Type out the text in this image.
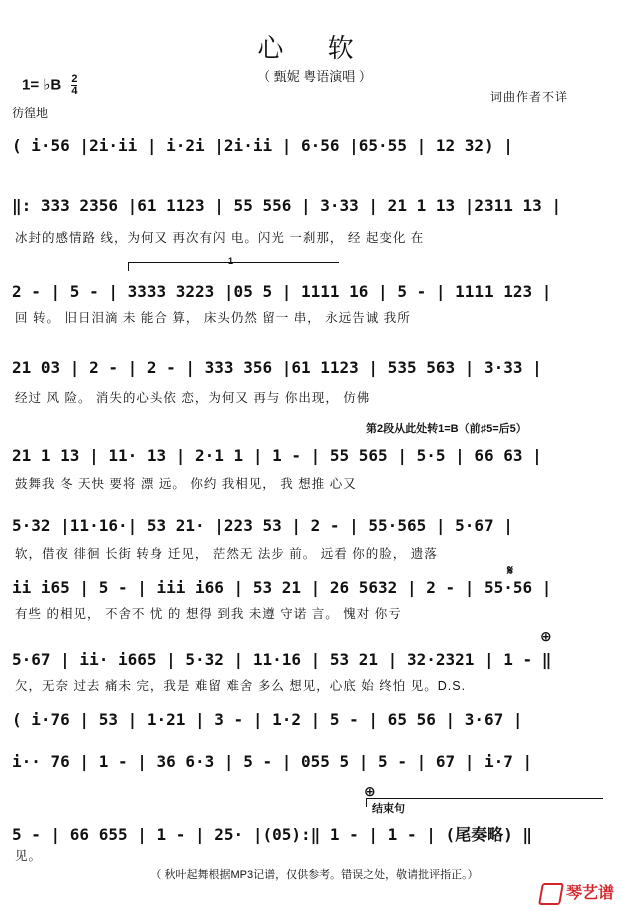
心 软
（ 甄妮 粤语演唱 ）
1= ♭B $\frac{2}{4}$
彷徨地
词曲作者不详
( i·56 |2i·ii | i·2i |2i·ii | 6·56 |65·55 | 12 32) |
‖: 333 2356 |61 1123 | 55 556 | 3·33 | 21 1 13 |2311 13 |
冰封的感情路 线，为何又 再次有闪 电。闪光 一刹那， 经 起变化 在
1
2 - | 5 - | 3333 3223 |05 5 | 1111 16 | 5 - | 1111 123 |
回 转。 旧日泪滴 未 能合 算， 床头仍然 留一 串， 永远告诚 我所
21 03 | 2 - | 2 - | 333 356 |61 1123 | 535 563 | 3·33 |
经过 风 险。 消失的心头依 恋，为何又 再与 你出现， 仿佛
第2段从此处转1=B（前♯5=后5）
21 1 13 | 11· 13 | 2·1 1 | 1 - | 55 565 | 5·5 | 66 63 |
鼓舞我 冬 天快 要将 漂 远。 你约 我相见， 我 想推 心又
5·32 |11·16·| 53 21· |223 53 | 2 - | 55·565 | 5·67 |
软，借夜 徘徊 长街 转身 迁见， 茫然无 法步 前。 远看 你的脸， 遗落
𝄋
ii i65 | 5 - | iii i66 | 53 21 | 26 5632 | 2 - | 55·56 |
有些 的相见， 不舍不 忧 的 想得 到我 未遵 守诺 言。 愧对 你亏
⊕
5·67 | ii· i665 | 5·32 | 11·16 | 53 21 | 32·2321 | 1 - ‖
欠，无奈 过去 痛未 完，我是 难留 难舍 多么 想见，心底 始 终怕 见。D.S.
( i·76 | 53 | 1·21 | 3 - | 1·2 | 5 - | 65 56 | 3·67 |
i·· 76 | 1 - | 36 6·3 | 5 - | 055 5 | 5 - | 67 | i·7 |
⊕
结束句
5 - | 66 655 | 1 - | 25· |(05):‖ 1 - | 1 - | (尾奏略) ‖
见。
（ 秋叶起舞根据MP3记谱，仅供参考。错误之处，敬请批评指正。）
琴艺谱
